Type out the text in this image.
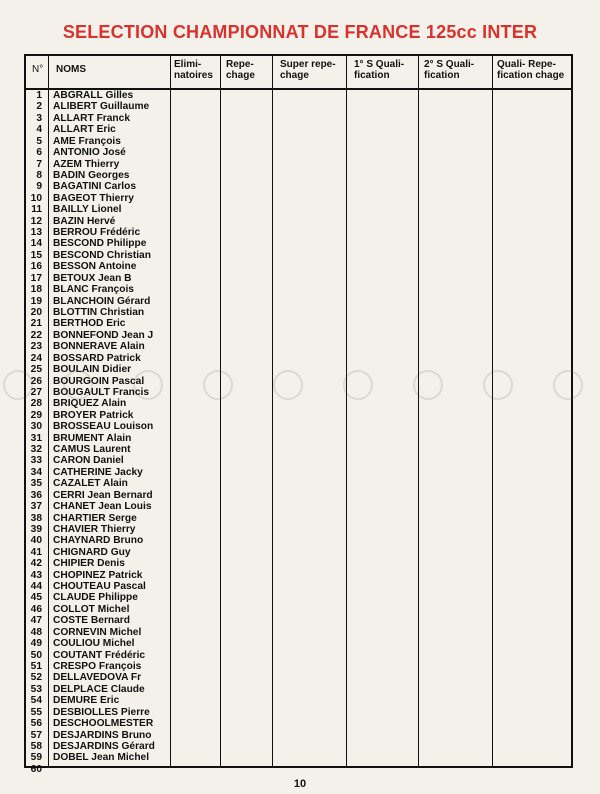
SELECTION CHAMPIONNAT DE FRANCE 125cc INTER
N° NOMS	Elimi- natoires
Repe- chage
Super repe- chage
1° S Quali- fication
2° S Quali- fication
Quali- Repe- fication chage
1 ABGRALL Gilles
2 ALIBERT Guillaume
3 ALLART Franck
4 ALLART Eric
5 AME François
6 ANTONIO José
7 AZEM Thierry
8 BADIN Georges
9 BAGATINI Carlos
10 BAGEOT Thierry
11 BAILLY Lionel
12 BAZIN Hervé
13 BERROU Frédéric
14 BESCOND Philippe
15 BESCOND Christian
16 BESSON Antoine
17 BETOUX Jean B
18 BLANC François
19 BLANCHOIN Gérard
20 BLOTTIN Christian
21 BERTHOD Eric
22 BONNEFOND Jean J
23 BONNERAVE Alain
24 BOSSARD Patrick
25 BOULAIN Didier
26 BOURGOIN Pascal
27 BOUGAULT Francis
28 BRIQUEZ Alain
29 BROYER Patrick
30 BROSSEAU Louison
31 BRUMENT Alain
32 CAMUS Laurent
33 CARON Daniel
34 CATHERINE Jacky
35 CAZALET Alain
36 CERRI Jean Bernard
37 CHANET Jean Louis
38 CHARTIER Serge
39 CHAVIER Thierry
40 CHAYNARD Bruno
41 CHIGNARD Guy
42 CHIPIER Denis
43 CHOPINEZ Patrick
44 CHOUTEAU Pascal
45 CLAUDE Philippe
46 COLLOT Michel
47 COSTE Bernard
48 CORNEVIN Michel
49 COULIOU Michel
50 COUTANT Frédéric
51 CRESPO François
52 DELLAVEDOVA Fr
53 DELPLACE Claude
54 DEMURE Eric
55 DESBIOLLES Pierre
56 DESCHOOLMESTER
57 DESJARDINS Bruno
58 DESJARDINS Gérard
59 DOBEL Jean Michel
60
10
